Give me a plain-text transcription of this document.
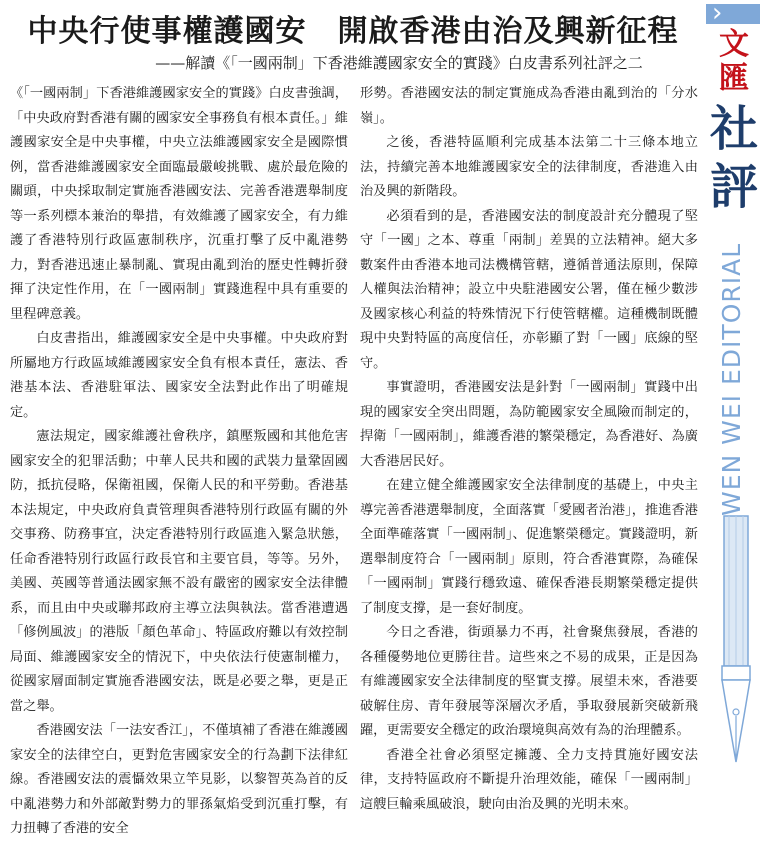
中央行使事權護國安　開啟香港由治及興新征程
——解讀《「一國兩制」下香港維護國家安全的實踐》白皮書系列社評之二

《「一國兩制」下香港維護國家安全的實踐》白皮書強調，「中央政府對香港有關的國家安全事務負有根本責任。」維護國家安全是中央事權，中央立法維護國家安全是國際慣例，當香港維護國家安全面臨最嚴峻挑戰、處於最危險的關頭，中央採取制定實施香港國安法、完善香港選舉制度等一系列標本兼治的舉措，有效維護了國家安全，有力維護了香港特別行政區憲制秩序，沉重打擊了反中亂港勢力，對香港迅速止暴制亂、實現由亂到治的歷史性轉折發揮了決定性作用，在「一國兩制」實踐進程中具有重要的里程碑意義。

白皮書指出，維護國家安全是中央事權。中央政府對所屬地方行政區域維護國家安全負有根本責任，憲法、香港基本法、香港駐軍法、國家安全法對此作出了明確規定。

憲法規定，國家維護社會秩序，鎮壓叛國和其他危害國家安全的犯罪活動；中華人民共和國的武裝力量鞏固國防，抵抗侵略，保衛祖國，保衛人民的和平勞動。香港基本法規定，中央政府負責管理與香港特別行政區有關的外交事務、防務事宜，決定香港特別行政區進入緊急狀態，任命香港特別行政區行政長官和主要官員，等等。另外，美國、英國等普通法國家無不設有嚴密的國家安全法律體系，而且由中央或聯邦政府主導立法與執法。當香港遭遇「修例風波」的港版「顏色革命」、特區政府難以有效控制局面、維護國家安全的情況下，中央依法行使憲制權力，從國家層面制定實施香港國安法，既是必要之舉，更是正當之舉。

香港國安法「一法安香江」，不僅填補了香港在維護國家安全的法律空白，更對危害國家安全的行為劃下法律紅線。香港國安法的震懾效果立竿見影，以黎智英為首的反中亂港勢力和外部敵對勢力的罪孫氣焰受到沉重打擊，有力扭轉了香港的安全

形勢。香港國安法的制定實施成為香港由亂到治的「分水嶺」。

之後，香港特區順利完成基本法第二十三條本地立法，持續完善本地維護國家安全的法律制度，香港進入由治及興的新階段。

必須看到的是，香港國安法的制度設計充分體現了堅守「一國」之本、尊重「兩制」差異的立法精神。絕大多數案件由香港本地司法機構管轄，遵循普通法原則，保障人權與法治精神；設立中央駐港國安公署，僅在極少數涉及國家核心利益的特殊情況下行使管轄權。這種機制既體現中央對特區的高度信任，亦彰顯了對「一國」底線的堅守。

事實證明，香港國安法是針對「一國兩制」實踐中出現的國家安全突出問題，為防範國家安全風險而制定的，捍衛「一國兩制」，維護香港的繁榮穩定，為香港好、為廣大香港居民好。

在建立健全維護國家安全法律制度的基礎上，中央主導完善香港選舉制度，全面落實「愛國者治港」，推進香港全面準確落實「一國兩制」、促進繁榮穩定。實踐證明，新選舉制度符合「一國兩制」原則，符合香港實際，為確保「一國兩制」實踐行穩致遠、確保香港長期繁榮穩定提供了制度支撐，是一套好制度。

今日之香港，街頭暴力不再，社會聚焦發展，香港的各種優勢地位更勝往昔。這些來之不易的成果，正是因為有維護國家安全法律制度的堅實支撐。展望未來，香港要破解住房、青年發展等深層次矛盾，爭取發展新突破新飛躍，更需要安全穩定的政治環境與高效有為的治理體系。

香港全社會必須堅定擁護、全力支持貫施好國安法律，支持特區政府不斷提升治理效能，確保「一國兩制」這艘巨輪乘風破浪，駛向由治及興的光明未來。

›
文
匯
社
評
WEN WEI EDITORIAL
